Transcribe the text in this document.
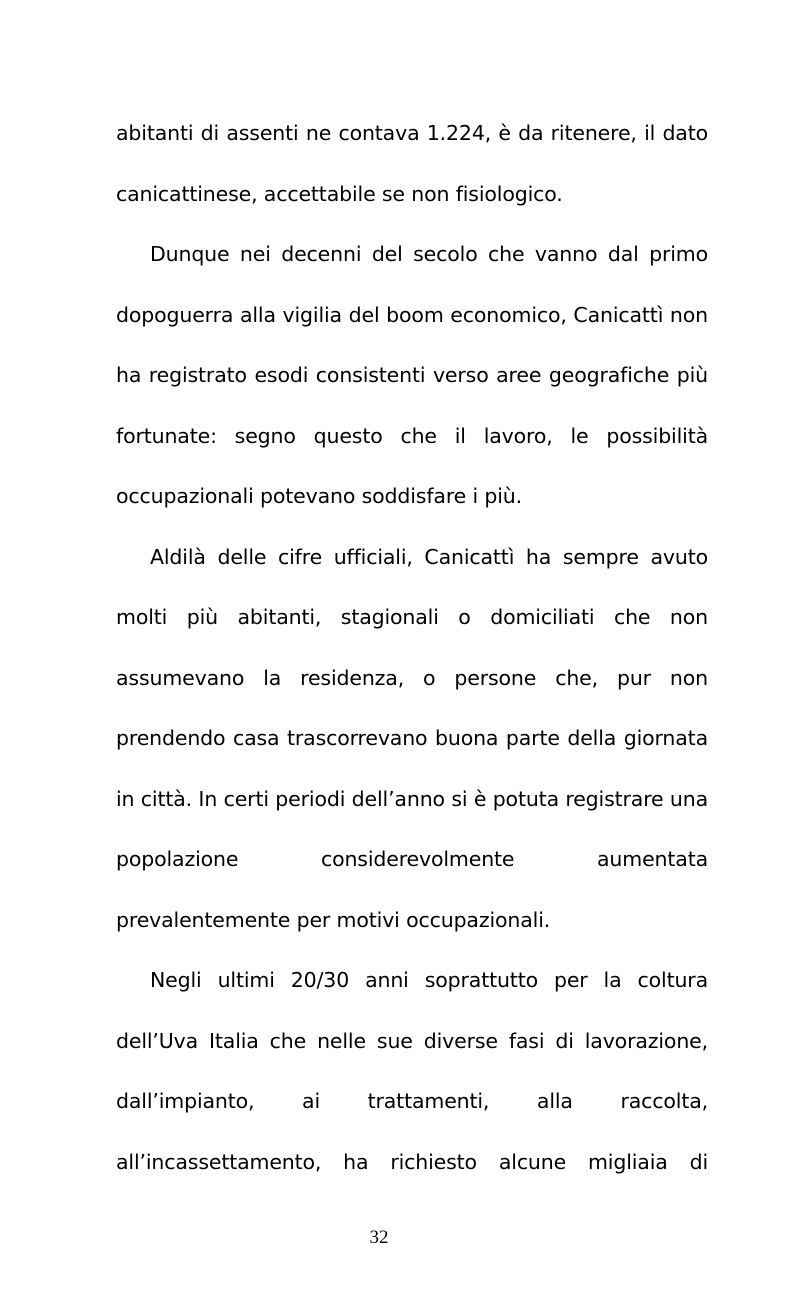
abitanti di assenti ne contava 1.224, è da ritenere, il dato
canicattinese, accettabile se non fisiologico.
Dunque nei decenni del secolo che vanno dal primo
dopoguerra alla vigilia del boom economico, Canicattì non
ha registrato esodi consistenti verso aree geografiche più
fortunate: segno questo che il lavoro, le possibilità
occupazionali potevano soddisfare i più.
Aldilà delle cifre ufficiali, Canicattì ha sempre avuto
molti più abitanti, stagionali o domiciliati che non
assumevano la residenza, o persone che, pur non
prendendo casa trascorrevano buona parte della giornata
in città. In certi periodi dell’anno si è potuta registrare una
popolazione considerevolmente aumentata
prevalentemente per motivi occupazionali.
Negli ultimi 20/30 anni soprattutto per la coltura
dell’Uva Italia che nelle sue diverse fasi di lavorazione,
dall’impianto, ai trattamenti, alla raccolta,
all’incassettamento, ha richiesto alcune migliaia di
32
